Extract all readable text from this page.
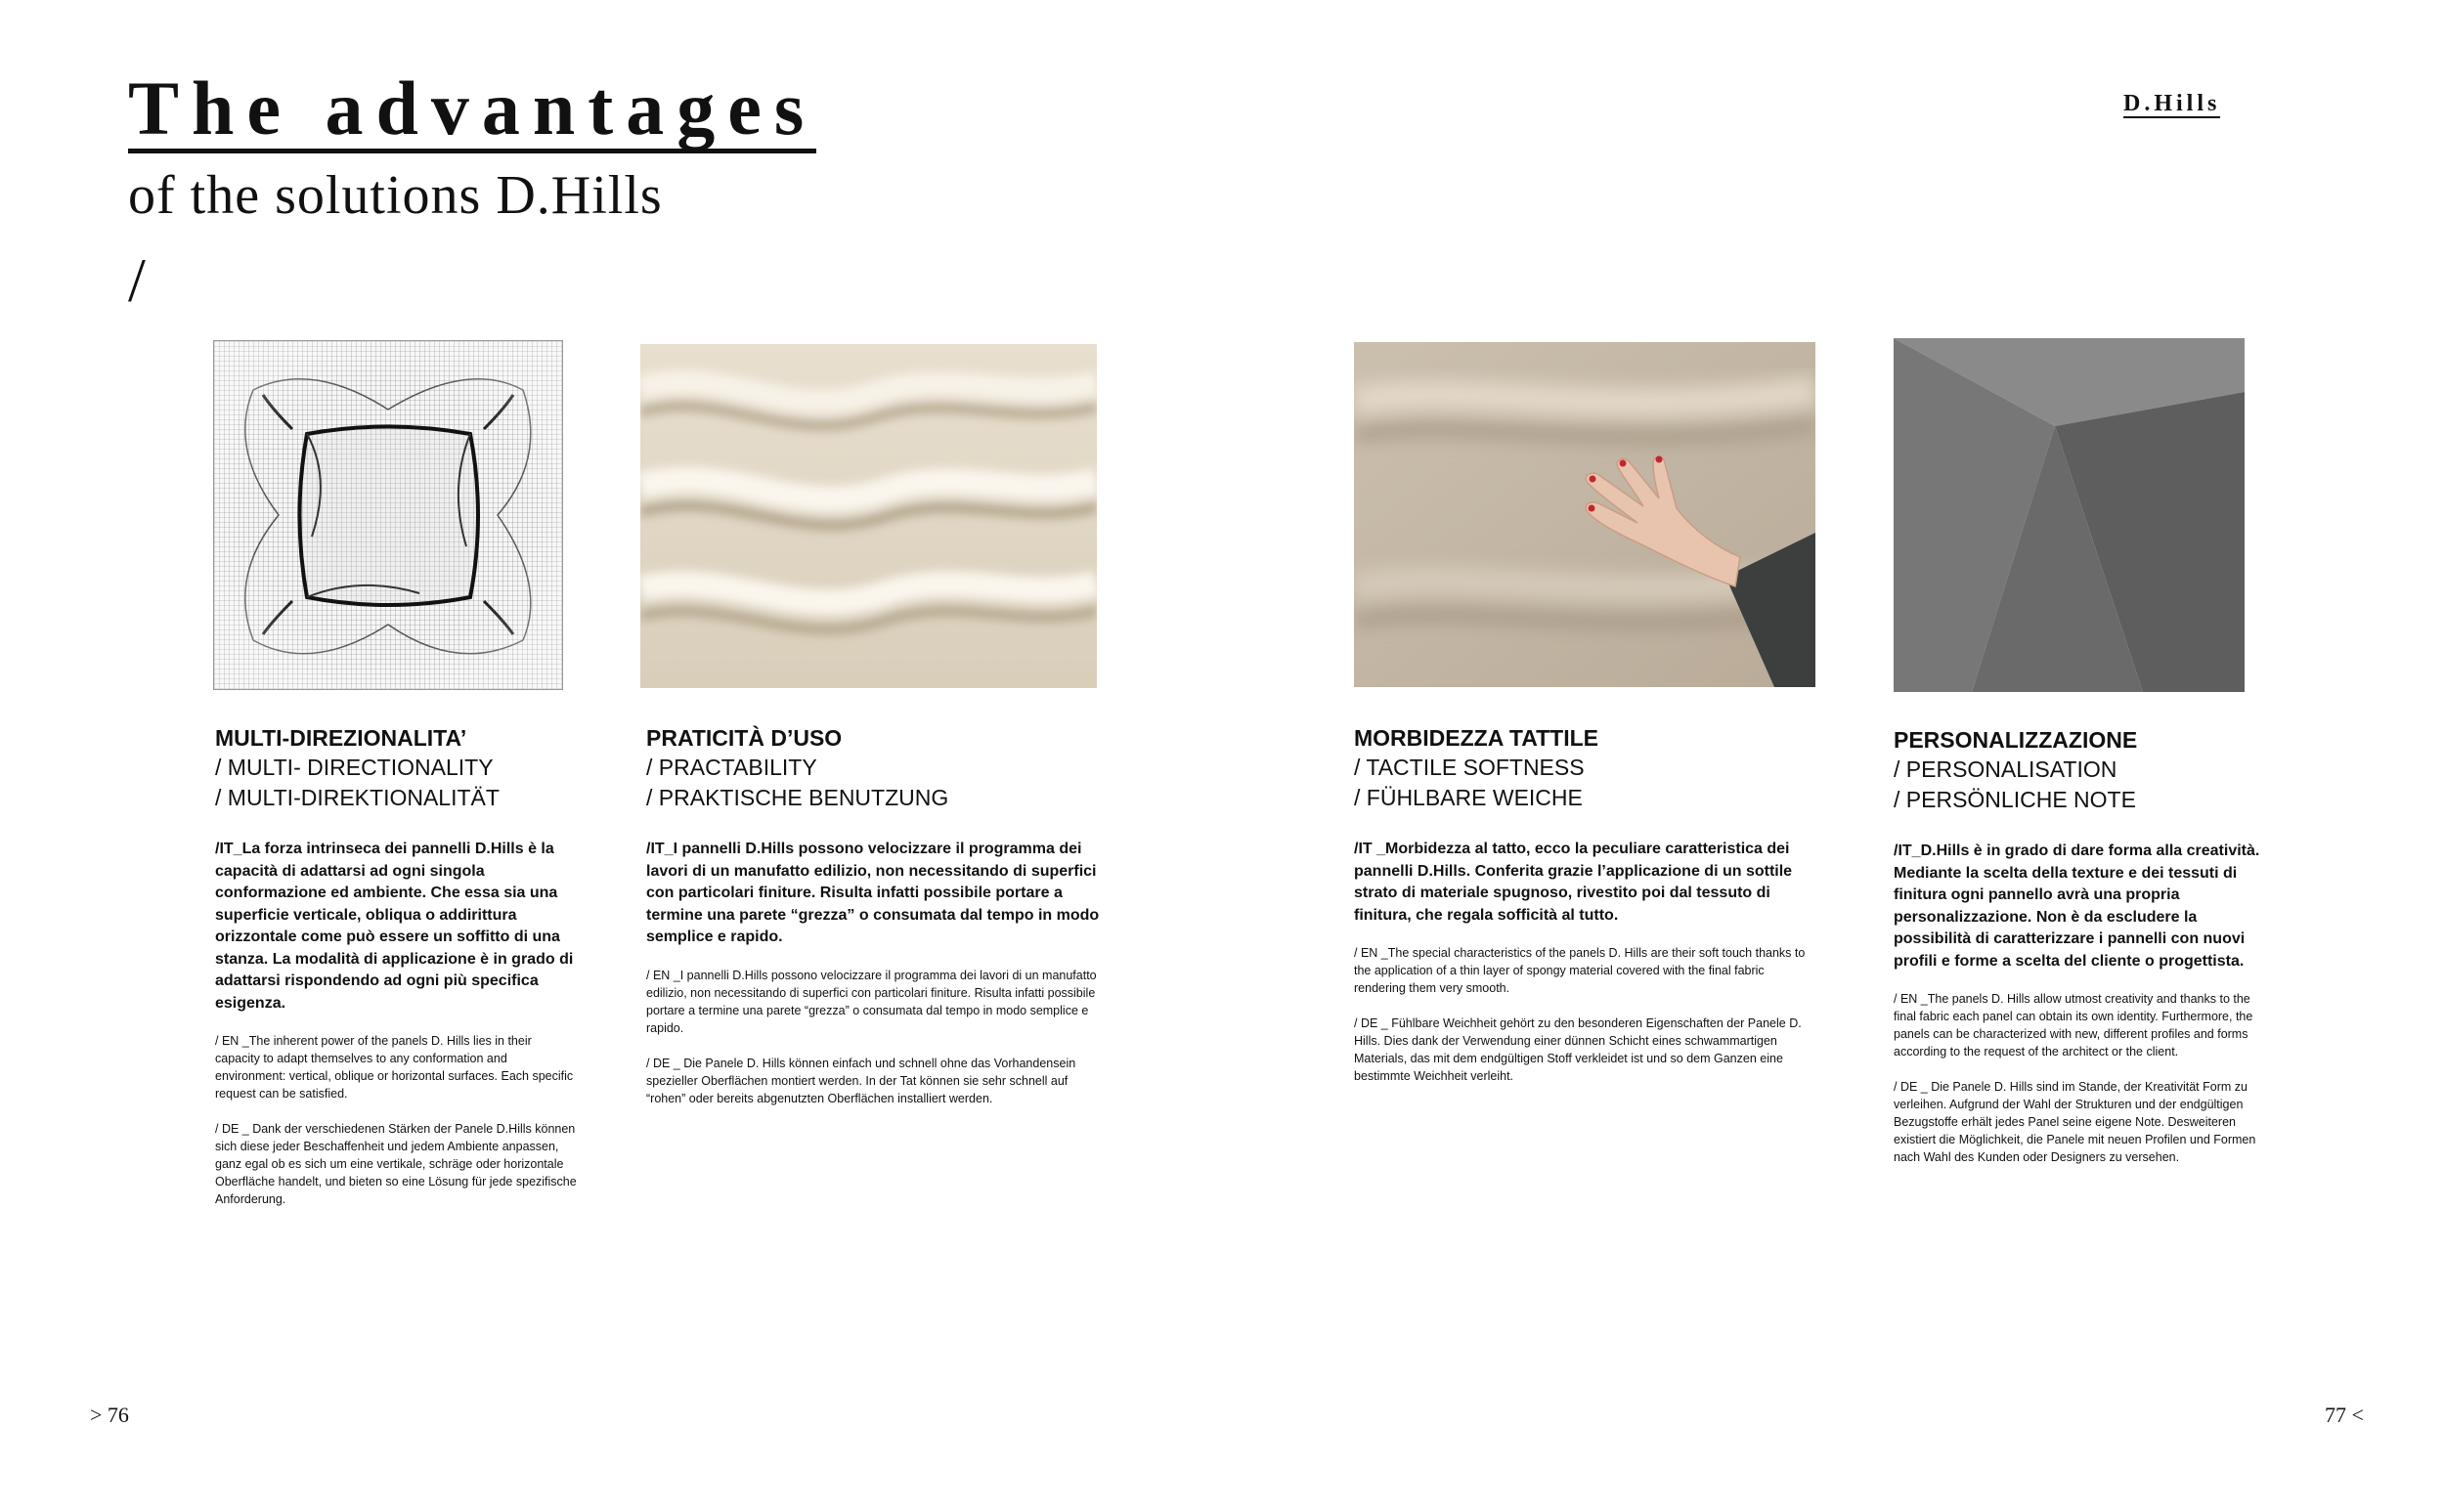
The advantages
of the solutions D.Hills
/
D.Hills
MULTI-DIREZIONALITA’
/ MULTI- DIRECTIONALITY
/ MULTI-DIREKTIONALITÄT
/IT_La forza intrinseca dei pannelli D.Hills è la capacità di adattarsi ad ogni singola conformazione ed ambiente. Che essa sia una superficie verticale, obliqua o addirittura orizzontale come può essere un soffitto di una stanza. La modalità di applicazione è in grado di adattarsi rispondendo ad ogni più specifica esigenza.
/ EN _The inherent power of the panels D. Hills lies in their capacity to adapt themselves to any conformation and environment: vertical, oblique or horizontal surfaces. Each specific request can be satisfied.
/ DE _ Dank der verschiedenen Stärken der Panele D.Hills können sich diese jeder Beschaffenheit und jedem Ambiente anpassen, ganz egal ob es sich um eine vertikale, schräge oder horizontale Oberfläche handelt, und bieten so eine Lösung für jede spezifische Anforderung.
PRATICITÀ D’USO
/ PRACTABILITY
/ PRAKTISCHE BENUTZUNG
/IT_I pannelli D.Hills possono velocizzare il programma dei lavori di un manufatto edilizio, non necessitando di superfici con particolari finiture. Risulta infatti possibile portare a termine una parete “grezza” o consumata dal tempo in modo semplice e rapido.
/ EN _I pannelli D.Hills possono velocizzare il programma dei lavori di un manufatto edilizio, non necessitando di superfici con particolari finiture. Risulta infatti possibile portare a termine una parete “grezza” o consumata dal tempo in modo semplice e rapido.
/ DE _ Die Panele D. Hills können einfach und schnell ohne das Vorhandensein spezieller Oberflächen montiert werden. In der Tat können sie sehr schnell auf “rohen” oder bereits abgenutzten Oberflächen installiert werden.
MORBIDEZZA TATTILE
/ TACTILE SOFTNESS
/ FÜHLBARE WEICHE
/IT _Morbidezza al tatto, ecco la peculiare caratteristica dei pannelli D.Hills. Conferita grazie l’applicazione di un sottile strato di materiale spugnoso, rivestito poi dal tessuto di finitura, che regala sofficità al tutto.
/ EN _The special characteristics of the panels D. Hills are their soft touch thanks to the application of a thin layer of spongy material covered with the final fabric rendering them very smooth.
/ DE _ Fühlbare Weichheit gehört zu den besonderen Eigenschaften der Panele D. Hills. Dies dank der Verwendung einer dünnen Schicht eines schwammartigen Materials, das mit dem endgültigen Stoff verkleidet ist und so dem Ganzen eine bestimmte Weichheit verleiht.
PERSONALIZZAZIONE
/ PERSONALISATION
/ PERSÖNLICHE NOTE
/IT_D.Hills è in grado di dare forma alla creatività. Mediante la scelta della texture e dei tessuti di finitura ogni pannello avrà una propria personalizzazione. Non è da escludere la possibilità di caratterizzare i pannelli con nuovi profili e forme a scelta del cliente o progettista.
/ EN _The panels D. Hills allow utmost creativity and thanks to the final fabric each panel can obtain its own identity. Furthermore, the panels can be characterized with new, different profiles and forms according to the request of the architect or the client.
/ DE _ Die Panele D. Hills sind im Stande, der Kreativität Form zu verleihen. Aufgrund der Wahl der Strukturen und der endgültigen Bezugstoffe erhält jedes Panel seine eigene Note. Desweiteren existiert die Möglichkeit, die Panele mit neuen Profilen und Formen nach Wahl des Kunden oder Designers zu versehen.
> 76	77 <
